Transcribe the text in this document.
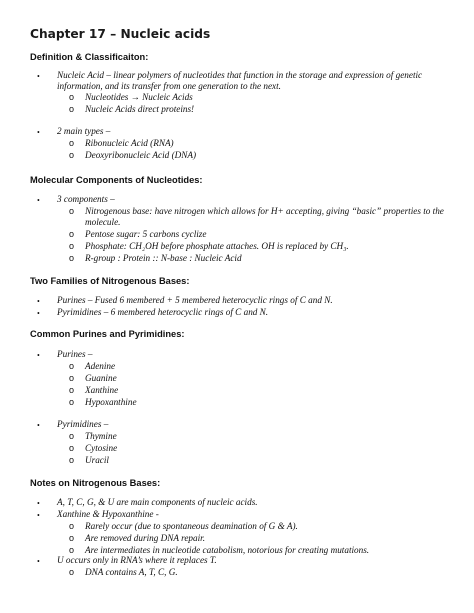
Chapter 17 – Nucleic acids
Definition & Classificaiton:
• Nucleic Acid – linear polymers of nucleotides that function in the storage and expression of genetic information, and its transfer from one generation to the next.
o Nucleotides → Nucleic Acids
o Nucleic Acids direct proteins!
• 2 main types –
o Ribonucleic Acid (RNA)
o Deoxyribonucleic Acid (DNA)
Molecular Components of Nucleotides:
• 3 components –
o Nitrogenous base: have nitrogen which allows for H+ accepting, giving “basic” properties to the molecule.
o Pentose sugar: 5 carbons cyclize
o Phosphate: CH₂OH before phosphate attaches. OH is replaced by CH₃.
o R-group : Protein :: N-base : Nucleic Acid
Two Families of Nitrogenous Bases:
• Purines – Fused 6 membered + 5 membered heterocyclic rings of C and N.
• Pyrimidines – 6 membered heterocyclic rings of C and N.
Common Purines and Pyrimidines:
• Purines –
o Adenine
o Guanine
o Xanthine
o Hypoxanthine
• Pyrimidines –
o Thymine
o Cytosine
o Uracil
Notes on Nitrogenous Bases:
• A, T, C, G, & U are main components of nucleic acids.
• Xanthine & Hypoxanthine -
o Rarely occur (due to spontaneous deamination of G & A).
o Are removed during DNA repair.
o Are intermediates in nucleotide catabolism, notorious for creating mutations.
• U occurs only in RNA’s where it replaces T.
o DNA contains A, T, C, G.
